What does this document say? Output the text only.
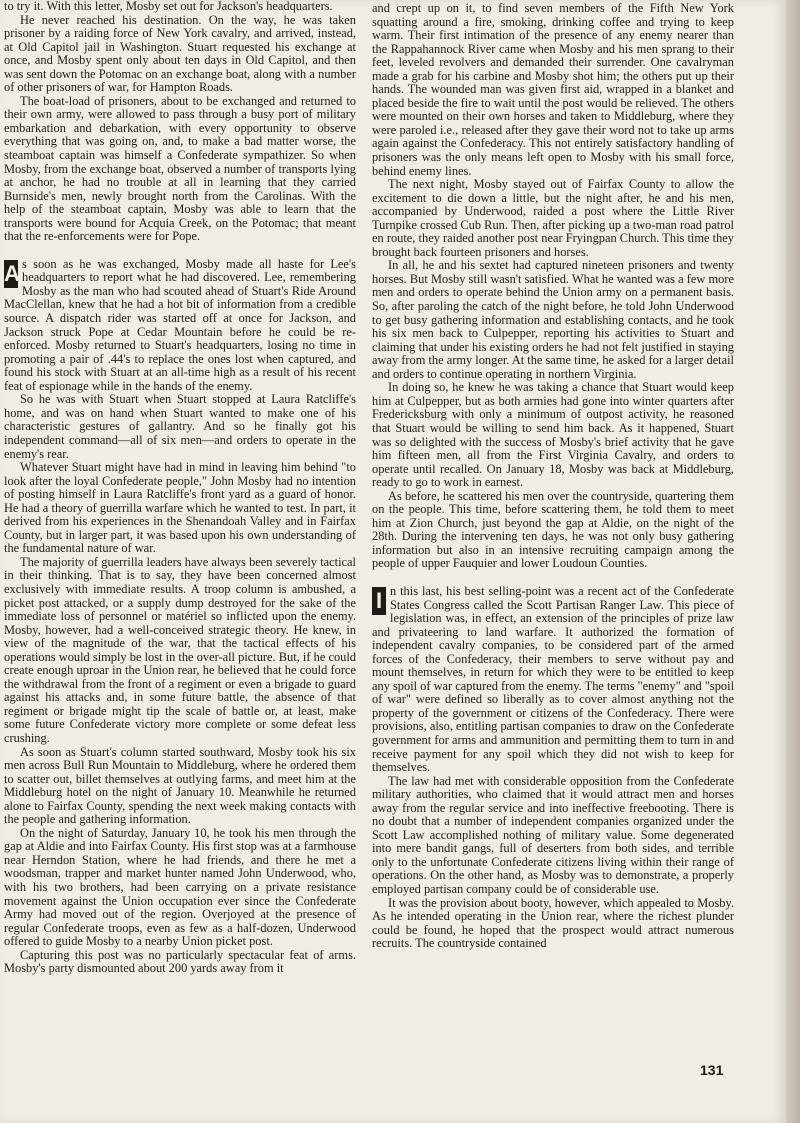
to try it. With this letter, Mosby set out for Jackson's headquarters.

He never reached his destination. On the way, he was taken prisoner by a raiding force of New York cavalry, and arrived, instead, at Old Capitol jail in Washington. Stuart requested his exchange at once, and Mosby spent only about ten days in Old Capitol, and then was sent down the Potomac on an exchange boat, along with a number of other prisoners of war, for Hampton Roads.

The boat-load of prisoners, about to be exchanged and returned to their own army, were allowed to pass through a busy port of military embarkation and debarkation, with every opportunity to observe everything that was going on, and, to make a bad matter worse, the steamboat captain was himself a Confederate sympathizer. So when Mosby, from the exchange boat, observed a number of transports lying at anchor, he had no trouble at all in learning that they carried Burnside's men, newly brought north from the Carolinas. With the help of the steamboat captain, Mosby was able to learn that the transports were bound for Acquia Creek, on the Potomac; that meant that the re-enforcements were for Pope.

A s soon as he was exchanged, Mosby made all haste for Lee's headquarters to report what he had discovered. Lee, remembering Mosby as the man who had scouted ahead of Stuart's Ride Around MacClellan, knew that he had a hot bit of information from a credible source. A dispatch rider was started off at once for Jackson, and Jackson struck Pope at Cedar Mountain before he could be re-enforced. Mosby returned to Stuart's headquarters, losing no time in promoting a pair of .44's to replace the ones lost when captured, and found his stock with Stuart at an all-time high as a result of his recent feat of espionage while in the hands of the enemy.

So he was with Stuart when Stuart stopped at Laura Ratcliffe's home, and was on hand when Stuart wanted to make one of his characteristic gestures of gallantry. And so he finally got his independent command—all of six men—and orders to operate in the enemy's rear.

Whatever Stuart might have had in mind in leaving him behind "to look after the loyal Confederate people," John Mosby had no intention of posting himself in Laura Ratcliffe's front yard as a guard of honor. He had a theory of guerrilla warfare which he wanted to test. In part, it derived from his experiences in the Shenandoah Valley and in Fairfax County, but in larger part, it was based upon his own understanding of the fundamental nature of war.

The majority of guerrilla leaders have always been severely tactical in their thinking. That is to say, they have been concerned almost exclusively with immediate results. A troop column is ambushed, a picket post attacked, or a supply dump destroyed for the sake of the immediate loss of personnel or matériel so inflicted upon the enemy. Mosby, however, had a well-conceived strategic theory. He knew, in view of the magnitude of the war, that the tactical effects of his operations would simply be lost in the over-all picture. But, if he could create enough uproar in the Union rear, he believed that he could force the withdrawal from the front of a regiment or even a brigade to guard against his attacks and, in some future battle, the absence of that regiment or brigade might tip the scale of battle or, at least, make some future Confederate victory more complete or some defeat less crushing.

As soon as Stuart's column started southward, Mosby took his six men across Bull Run Mountain to Middleburg, where he ordered them to scatter out, billet themselves at outlying farms, and meet him at the Middleburg hotel on the night of January 10. Meanwhile he returned alone to Fairfax County, spending the next week making contacts with the people and gathering information.

On the night of Saturday, January 10, he took his men through the gap at Aldie and into Fairfax County. His first stop was at a farmhouse near Herndon Station, where he had friends, and there he met a woodsman, trapper and market hunter named John Underwood, who, with his two brothers, had been carrying on a private resistance movement against the Union occupation ever since the Confederate Army had moved out of the region. Overjoyed at the presence of regular Confederate troops, even as few as a half-dozen, Underwood offered to guide Mosby to a nearby Union picket post.

Capturing this post was no particularly spectacular feat of arms. Mosby's party dismounted about 200 yards away from it

and crept up on it, to find seven members of the Fifth New York squatting around a fire, smoking, drinking coffee and trying to keep warm. Their first intimation of the presence of any enemy nearer than the Rappahannock River came when Mosby and his men sprang to their feet, leveled revolvers and demanded their surrender. One cavalryman made a grab for his carbine and Mosby shot him; the others put up their hands. The wounded man was given first aid, wrapped in a blanket and placed beside the fire to wait until the post would be relieved. The others were mounted on their own horses and taken to Middleburg, where they were paroled i.e., released after they gave their word not to take up arms again against the Confederacy. This not entirely satisfactory handling of prisoners was the only means left open to Mosby with his small force, behind enemy lines.

The next night, Mosby stayed out of Fairfax County to allow the excitement to die down a little, but the night after, he and his men, accompanied by Underwood, raided a post where the Little River Turnpike crossed Cub Run. Then, after picking up a two-man road patrol en route, they raided another post near Fryingpan Church. This time they brought back fourteen prisoners and horses.

In all, he and his sextet had captured nineteen prisoners and twenty horses. But Mosby still wasn't satisfied. What he wanted was a few more men and orders to operate behind the Union army on a permanent basis. So, after paroling the catch of the night before, he told John Underwood to get busy gathering information and establishing contacts, and he took his six men back to Culpepper, reporting his activities to Stuart and claiming that under his existing orders he had not felt justified in staying away from the army longer. At the same time, he asked for a larger detail and orders to continue operating in northern Virginia.

In doing so, he knew he was taking a chance that Stuart would keep him at Culpepper, but as both armies had gone into winter quarters after Fredericksburg with only a minimum of outpost activity, he reasoned that Stuart would be willing to send him back. As it happened, Stuart was so delighted with the success of Mosby's brief activity that he gave him fifteen men, all from the First Virginia Cavalry, and orders to operate until recalled. On January 18, Mosby was back at Middleburg, ready to go to work in earnest.

As before, he scattered his men over the countryside, quartering them on the people. This time, before scattering them, he told them to meet him at Zion Church, just beyond the gap at Aldie, on the night of the 28th. During the intervening ten days, he was not only busy gathering information but also in an intensive recruiting campaign among the people of upper Fauquier and lower Loudoun Counties.

I n this last, his best selling-point was a recent act of the Confederate States Congress called the Scott Partisan Ranger Law. This piece of legislation was, in effect, an extension of the principles of prize law and privateering to land warfare. It authorized the formation of independent cavalry companies, to be considered part of the armed forces of the Confederacy, their members to serve without pay and mount themselves, in return for which they were to be entitled to keep any spoil of war captured from the enemy. The terms "enemy" and "spoil of war" were defined so liberally as to cover almost anything not the property of the government or citizens of the Confederacy. There were provisions, also, entitling partisan companies to draw on the Confederate government for arms and ammunition and permitting them to turn in and receive payment for any spoil which they did not wish to keep for themselves.

The law had met with considerable opposition from the Confederate military authorities, who claimed that it would attract men and horses away from the regular service and into ineffective freebooting. There is no doubt that a number of independent companies organized under the Scott Law accomplished nothing of military value. Some degenerated into mere bandit gangs, full of deserters from both sides, and terrible only to the unfortunate Confederate citizens living within their range of operations. On the other hand, as Mosby was to demonstrate, a properly employed partisan company could be of considerable use.

It was the provision about booty, however, which appealed to Mosby. As he intended operating in the Union rear, where the richest plunder could be found, he hoped that the prospect would attract numerous recruits. The countryside contained

131
